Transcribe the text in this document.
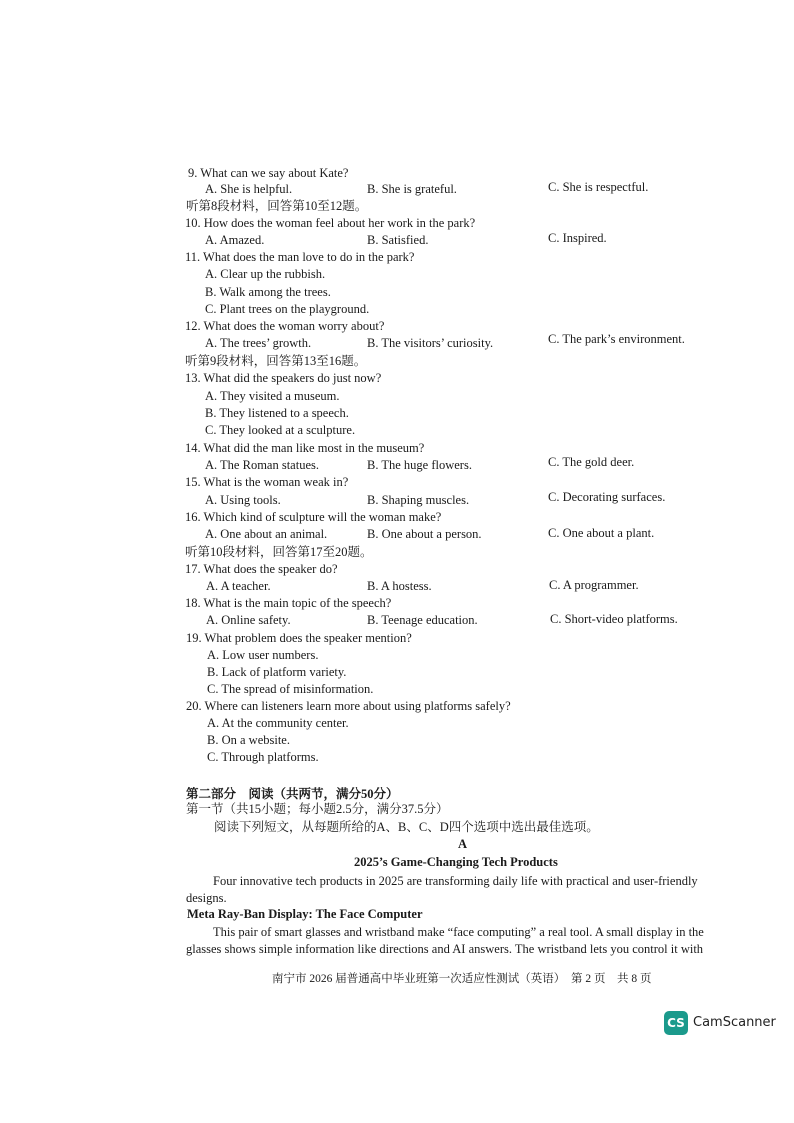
9. What can we say about Kate?
A. She is helpful.	B. She is grateful.	C. She is respectful.
听第8段材料，回答第10至12题。
10. How does the woman feel about her work in the park?
A. Amazed.	B. Satisfied.	C. Inspired.
11. What does the man love to do in the park?
A. Clear up the rubbish.
B. Walk among the trees.
C. Plant trees on the playground.
12. What does the woman worry about?
A. The trees’ growth.	B. The visitors’ curiosity.	C. The park’s environment.
听第9段材料，回答第13至16题。
13. What did the speakers do just now?
A. They visited a museum.
B. They listened to a speech.
C. They looked at a sculpture.
14. What did the man like most in the museum?
A. The Roman statues.	B. The huge flowers.	C. The gold deer.
15. What is the woman weak in?
A. Using tools.	B. Shaping muscles.	C. Decorating surfaces.
16. Which kind of sculpture will the woman make?
A. One about an animal.	B. One about a person.	C. One about a plant.
听第10段材料，回答第17至20题。
17. What does the speaker do?
A. A teacher.	B. A hostess.	C. A programmer.
18. What is the main topic of the speech?
A. Online safety.	B. Teenage education.	C. Short-video platforms.
19. What problem does the speaker mention?
A. Low user numbers.
B. Lack of platform variety.
C. The spread of misinformation.
20. Where can listeners learn more about using platforms safely?
A. At the community center.
B. On a website.
C. Through platforms.
第二部分　阅读（共两节，满分50分）
第一节（共15小题；每小题2.5分，满分37.5分）
阅读下列短文，从每题所给的A、B、C、D四个选项中选出最佳选项。
A
2025’s Game-Changing Tech Products
Four innovative tech products in 2025 are transforming daily life with practical and user-friendly designs.
Meta Ray-Ban Display: The Face Computer
This pair of smart glasses and wristband make “face computing” a real tool. A small display in the glasses shows simple information like directions and AI answers. The wristband lets you control it with
南宁市 2026 届普通高中毕业班第一次适应性测试（英语）　第 2 页　共 8 页
CS CamScanner
